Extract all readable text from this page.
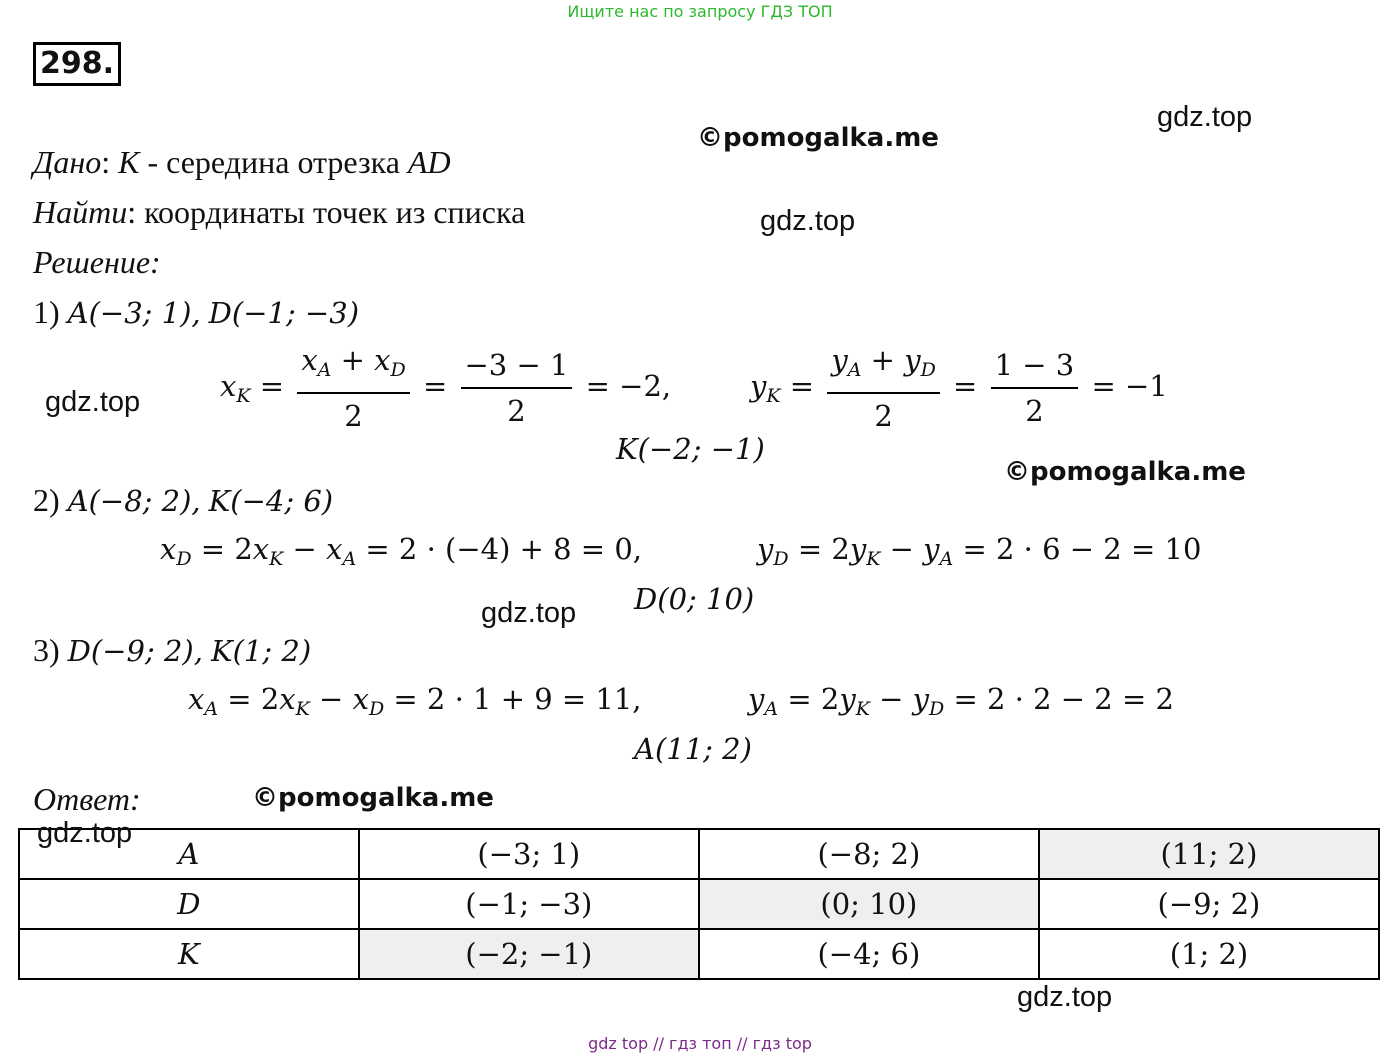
Ищите нас по запросу ГДЗ ТОП
298.
gdz.top
©pomogalka.me
gdz.top
gdz.top
©pomogalka.me
gdz.top
©pomogalka.me
gdz.top
Дано: K - середина отрезка AD
Найти: координаты точек из списка
Решение:
1) A(−3; 1), D(−1; −3)
$x_K = \frac{x_A + x_D}{2} = \frac{-3 - 1}{2} = -2$,	$y_K = \frac{y_A + y_D}{2} = \frac{1 - 3}{2} = -1$
K(−2; −1)
2) A(−8; 2), K(−4; 6)
$x_D = 2x_K - x_A = 2 \cdot (-4) + 8 = 0$,	$y_D = 2y_K - y_A = 2 \cdot 6 - 2 = 10$
D(0; 10)
3) D(−9; 2), K(1; 2)
$x_A = 2x_K - x_D = 2 \cdot 1 + 9 = 11$,	$y_A = 2y_K - y_D = 2 \cdot 2 - 2 = 2$
A(11; 2)
Ответ:
A	(−3; 1)	(−8; 2)	(11; 2)
D	(−1; −3)	(0; 10)	(−9; 2)
K	(−2; −1)	(−4; 6)	(1; 2)
gdz.top
gdz top // гдз топ // гдз top
